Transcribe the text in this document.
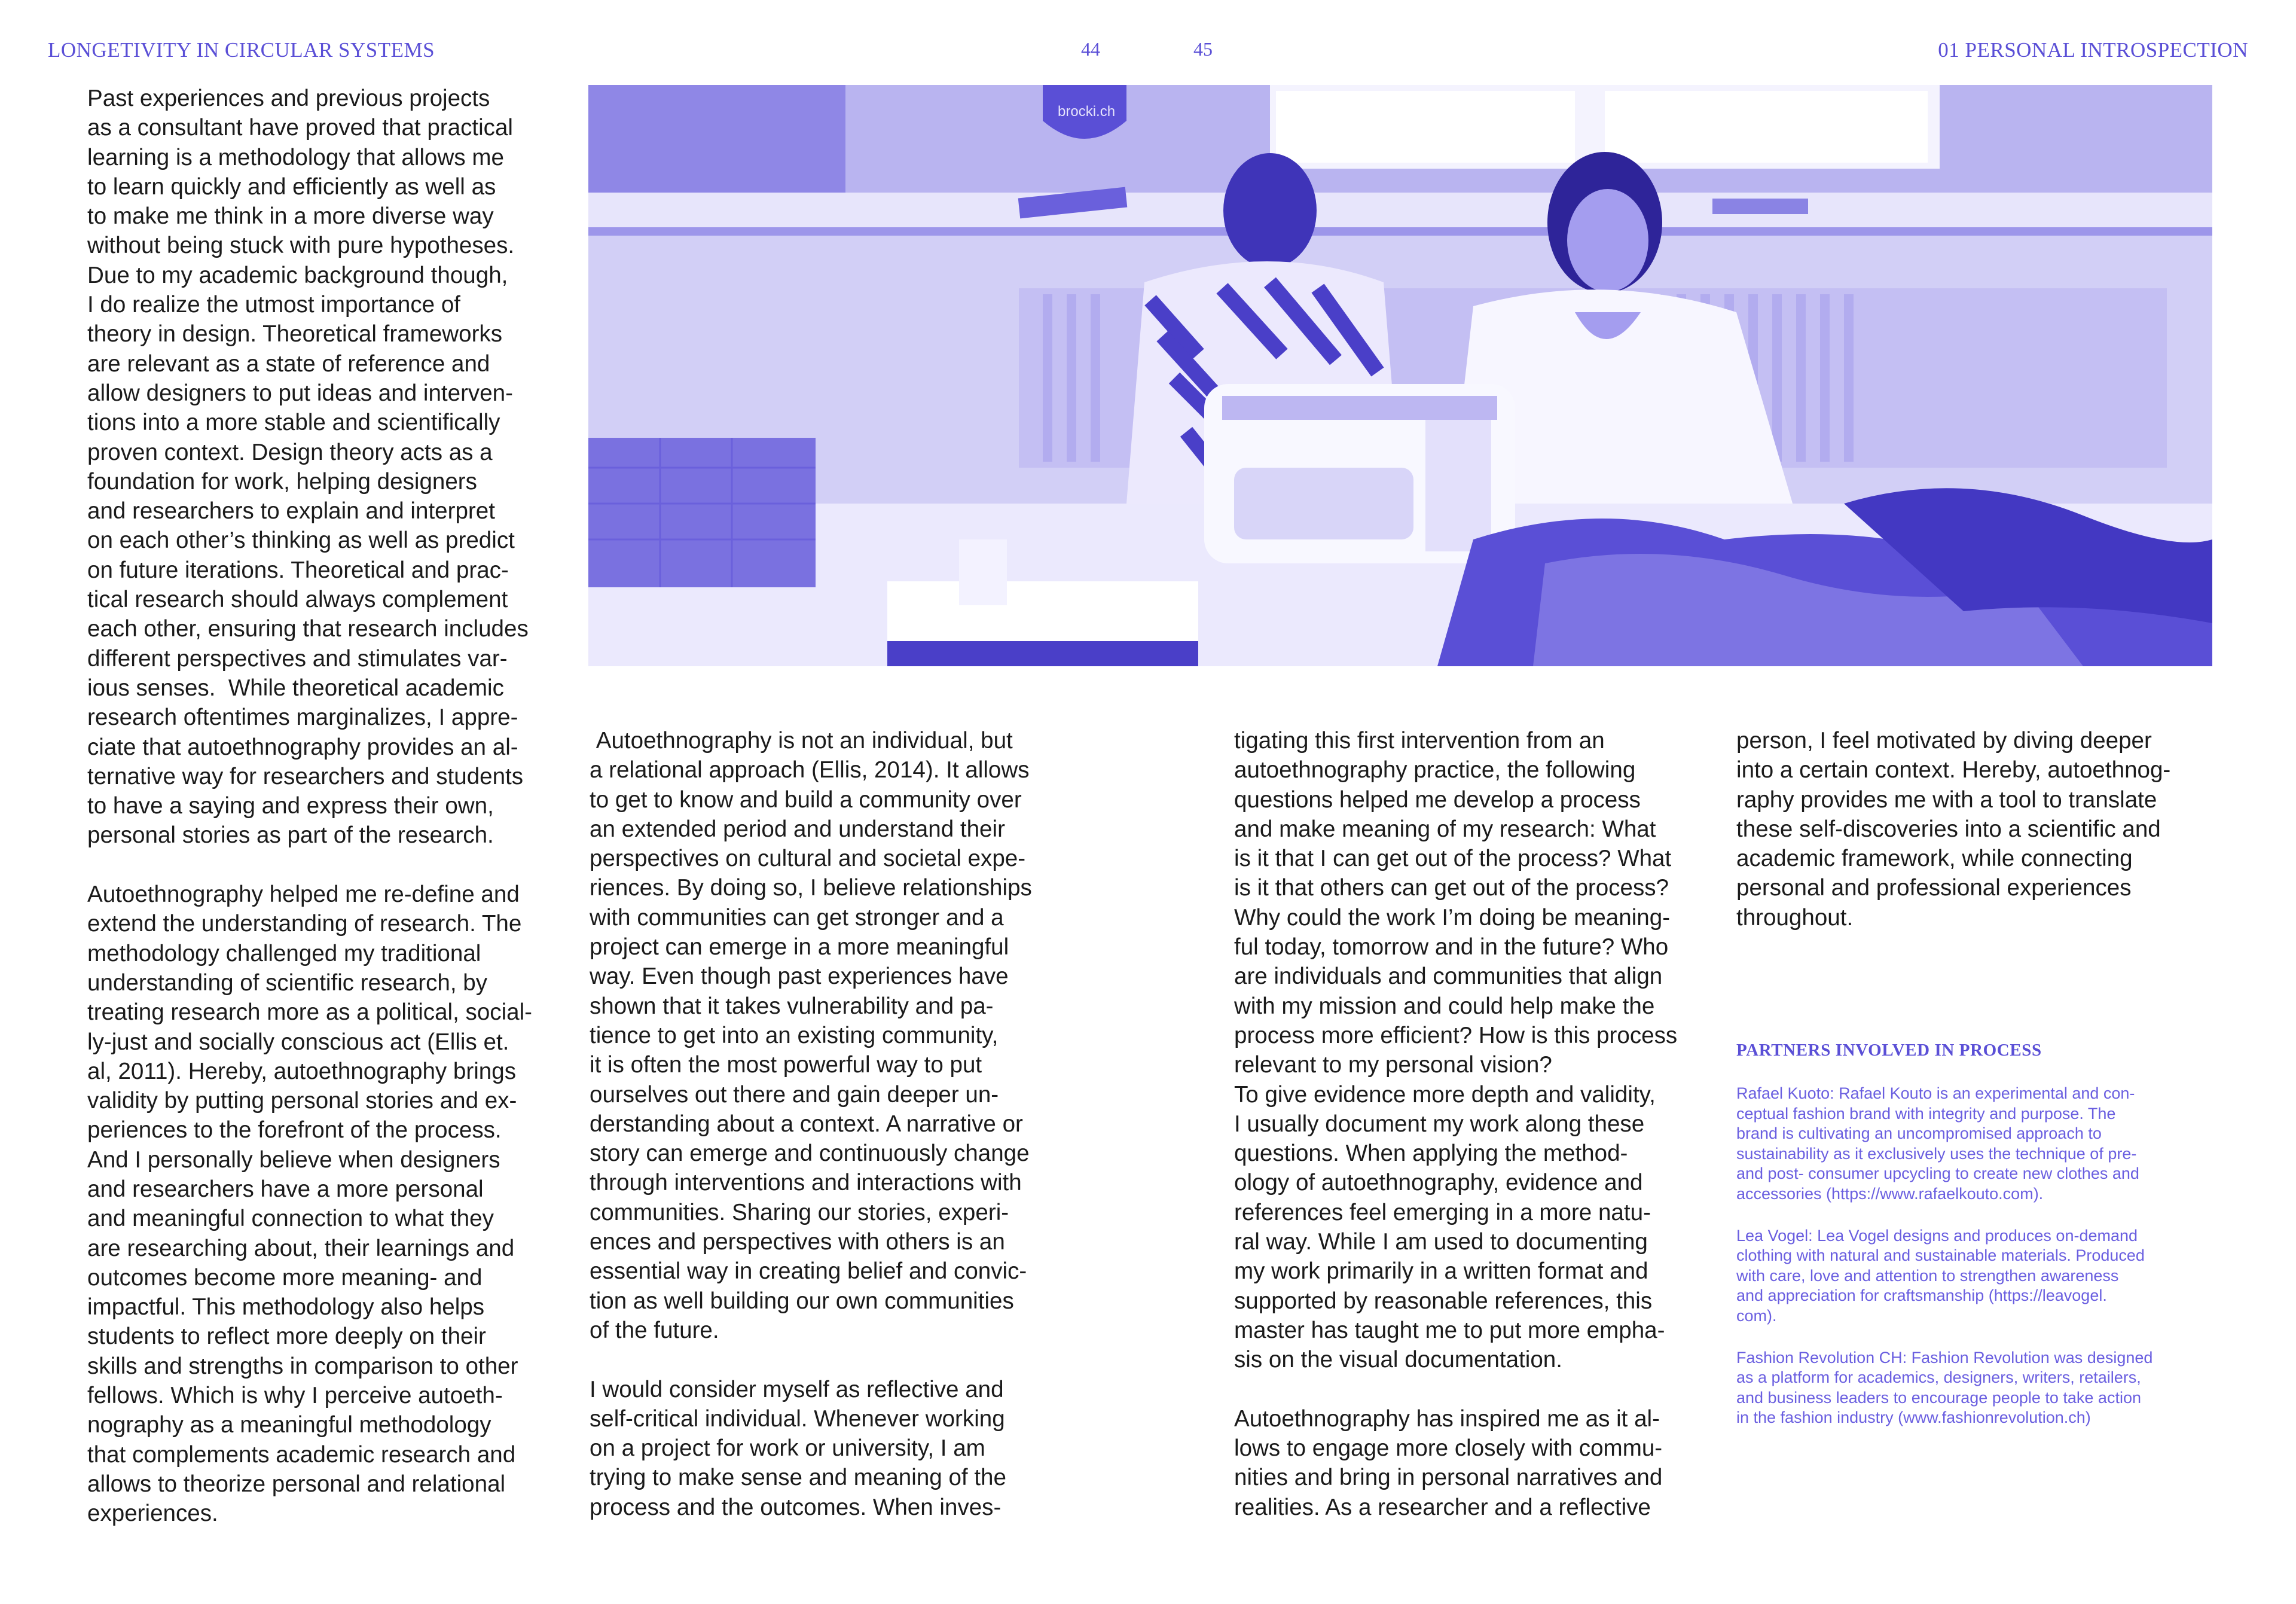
LONGETIVITY IN CIRCULAR SYSTEMS	44	45	01 PERSONAL INTROSPECTION
Past experiences and previous projects
as a consultant have proved that practical
learning is a methodology that allows me
to learn quickly and efficiently as well as
to make me think in a more diverse way
without being stuck with pure hypotheses.
Due to my academic background though,
I do realize the utmost importance of
theory in design. Theoretical frameworks
are relevant as a state of reference and
allow designers to put ideas and interven-
tions into a more stable and scientifically
proven context. Design theory acts as a
foundation for work, helping designers
and researchers to explain and interpret
on each other’s thinking as well as predict
on future iterations. Theoretical and prac-
tical research should always complement
each other, ensuring that research includes
different perspectives and stimulates var-
ious senses.  While theoretical academic
research oftentimes marginalizes, I appre-
ciate that autoethnography provides an al-
ternative way for researchers and students
to have a saying and express their own,
personal stories as part of the research.

Autoethnography helped me re-define and
extend the understanding of research. The
methodology challenged my traditional
understanding of scientific research, by
treating research more as a political, social-
ly-just and socially conscious act (Ellis et.
al, 2011). Hereby, autoethnography brings
validity by putting personal stories and ex-
periences to the forefront of the process.
And I personally believe when designers
and researchers have a more personal
and meaningful connection to what they
are researching about, their learnings and
outcomes become more meaning- and
impactful. This methodology also helps
students to reflect more deeply on their
skills and strengths in comparison to other
fellows. Which is why I perceive autoeth-
nography as a meaningful methodology
that complements academic research and
allows to theorize personal and relational
experiences.
brocki.ch
Autoethnography is not an individual, but
a relational approach (Ellis, 2014). It allows
to get to know and build a community over
an extended period and understand their
perspectives on cultural and societal expe-
riences. By doing so, I believe relationships
with communities can get stronger and a
project can emerge in a more meaningful
way. Even though past experiences have
shown that it takes vulnerability and pa-
tience to get into an existing community,
it is often the most powerful way to put
ourselves out there and gain deeper un-
derstanding about a context. A narrative or
story can emerge and continuously change
through interventions and interactions with
communities. Sharing our stories, experi-
ences and perspectives with others is an
essential way in creating belief and convic-
tion as well building our own communities
of the future.

I would consider myself as reflective and
self-critical individual. Whenever working
on a project for work or university, I am
trying to make sense and meaning of the
process and the outcomes. When inves-
tigating this first intervention from an
autoethnography practice, the following
questions helped me develop a process
and make meaning of my research: What
is it that I can get out of the process? What
is it that others can get out of the process?
Why could the work I’m doing be meaning-
ful today, tomorrow and in the future? Who
are individuals and communities that align
with my mission and could help make the
process more efficient? How is this process
relevant to my personal vision?
To give evidence more depth and validity,
I usually document my work along these
questions. When applying the method-
ology of autoethnography, evidence and
references feel emerging in a more natu-
ral way. While I am used to documenting
my work primarily in a written format and
supported by reasonable references, this
master has taught me to put more empha-
sis on the visual documentation.

Autoethnography has inspired me as it al-
lows to engage more closely with commu-
nities and bring in personal narratives and
realities. As a researcher and a reflective
person, I feel motivated by diving deeper
into a certain context. Hereby, autoethnog-
raphy provides me with a tool to translate
these self-discoveries into a scientific and
academic framework, while connecting
personal and professional experiences
throughout.
PARTNERS INVOLVED IN PROCESS

Rafael Kuoto: Rafael Kouto is an experimental and con-
ceptual fashion brand with integrity and purpose. The
brand is cultivating an uncompromised approach to
sustainability as it exclusively uses the technique of pre-
and post- consumer upcycling to create new clothes and
accessories (https://www.rafaelkouto.com).

Lea Vogel: Lea Vogel designs and produces on-demand
clothing with natural and sustainable materials. Produced
with care, love and attention to strengthen awareness
and appreciation for craftsmanship (https://leavogel.
com).

Fashion Revolution CH: Fashion Revolution was designed
as a platform for academics, designers, writers, retailers,
and business leaders to encourage people to take action
in the fashion industry (www.fashionrevolution.ch)
